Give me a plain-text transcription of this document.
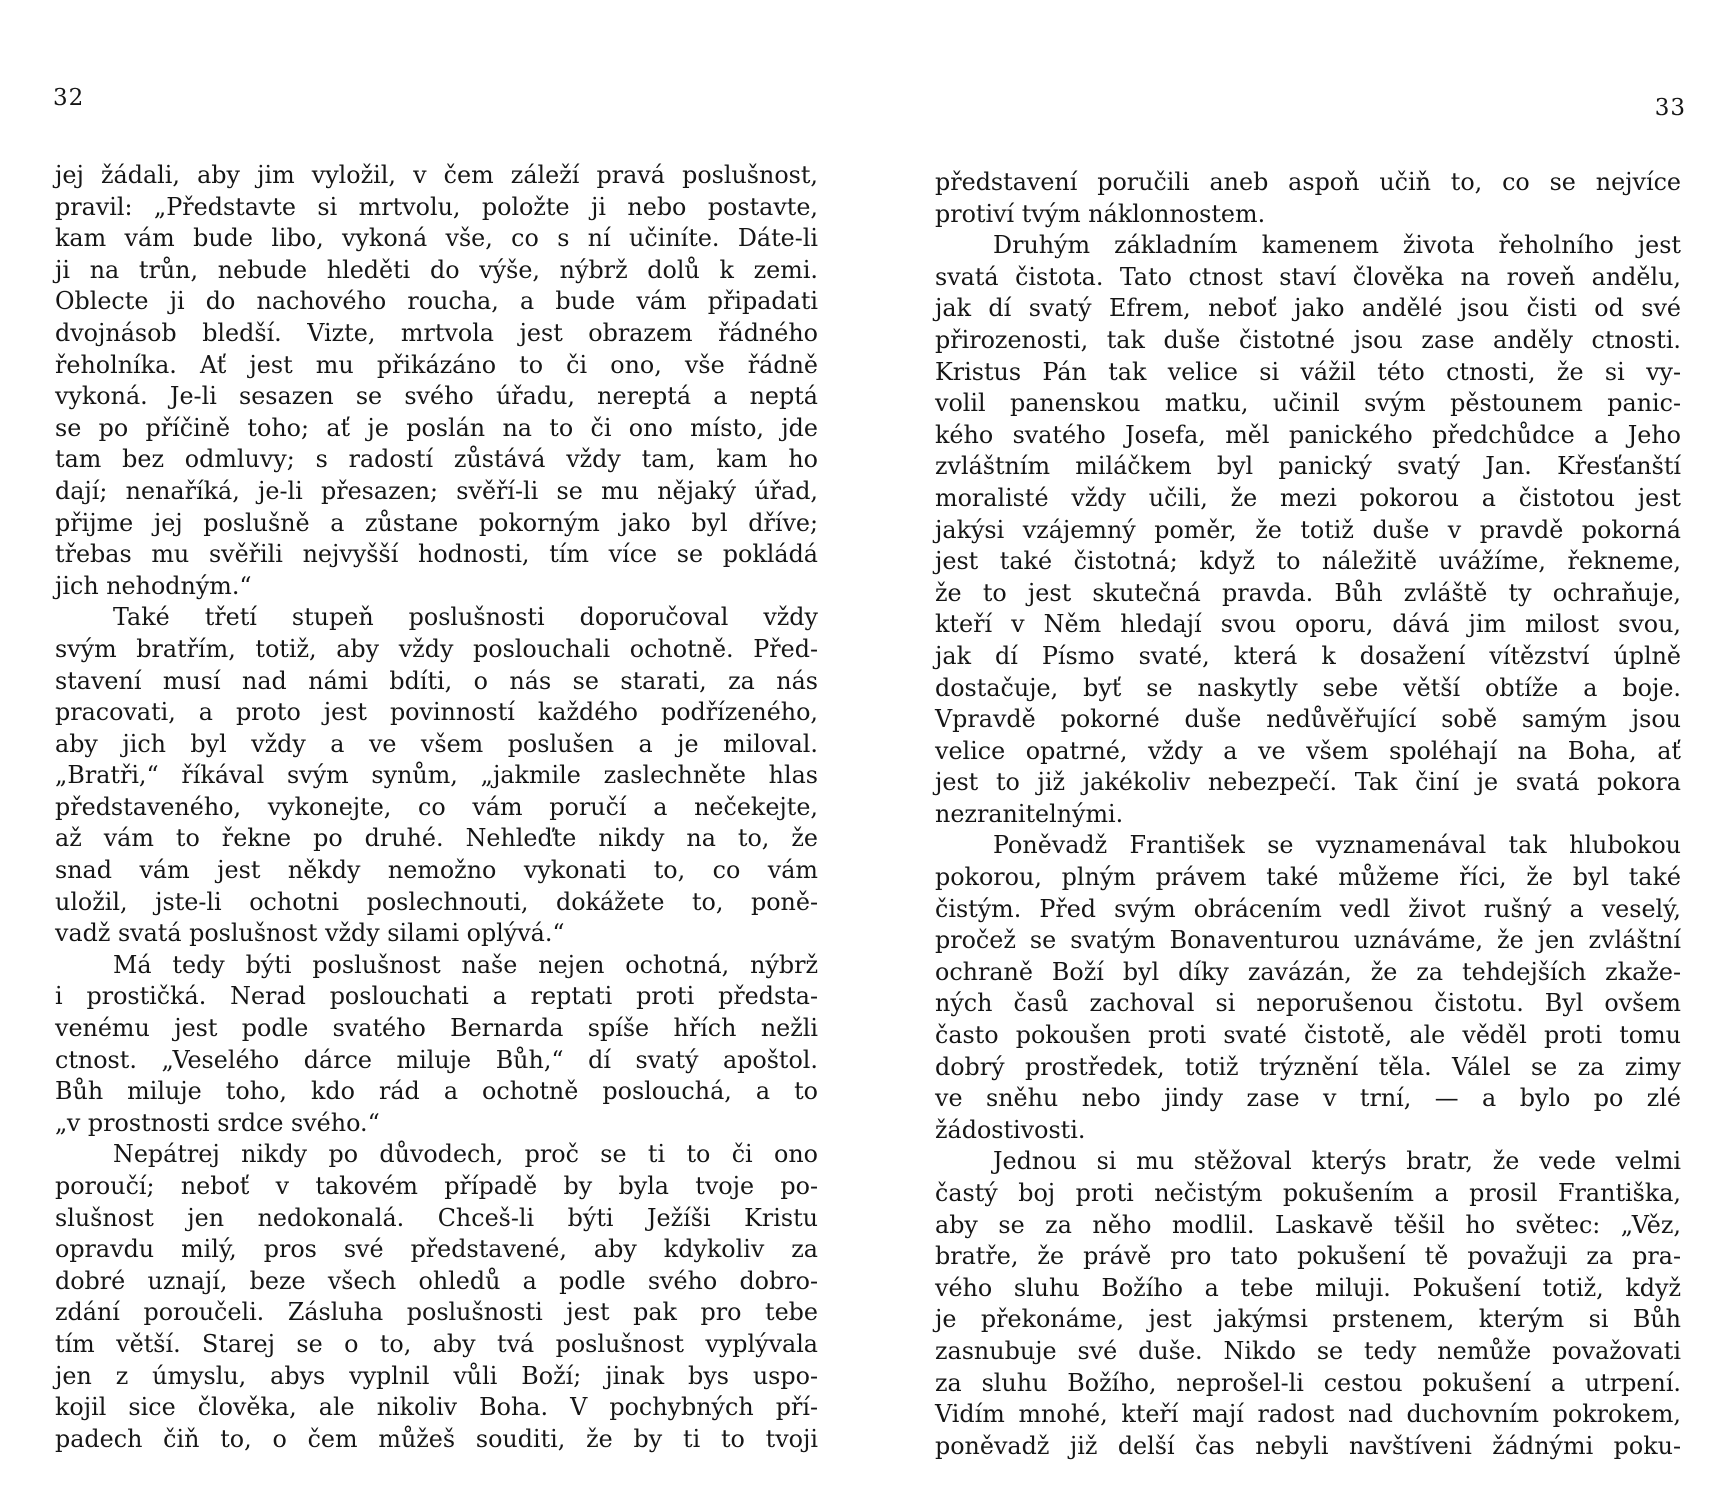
32
jej žádali, aby jim vyložil, v čem záleží pravá poslušnost,
pravil: „Představte si mrtvolu, položte ji nebo postavte,
kam vám bude libo, vykoná vše, co s ní učiníte. Dáte-li
ji na trůn, nebude hleděti do výše, nýbrž dolů k zemi.
Oblecte ji do nachového roucha, a bude vám připadati
dvojnásob bledší. Vizte, mrtvola jest obrazem řádného
řeholníka. Ať jest mu přikázáno to či ono, vše řádně
vykoná. Je-li sesazen se svého úřadu, nereptá a neptá
se po příčině toho; ať je poslán na to či ono místo, jde
tam bez odmluvy; s radostí zůstává vždy tam, kam ho
dají; nenaříká, je-li přesazen; svěří-li se mu nějaký úřad,
přijme jej poslušně a zůstane pokorným jako byl dříve;
třebas mu svěřili nejvyšší hodnosti, tím více se pokládá
jich nehodným.“
Také třetí stupeň poslušnosti doporučoval vždy
svým bratřím, totiž, aby vždy poslouchali ochotně. Před-
stavení musí nad námi bdíti, o nás se starati, za nás
pracovati, a proto jest povinností každého podřízeného,
aby jich byl vždy a ve všem poslušen a je miloval.
„Bratři,“ říkával svým synům, „jakmile zaslechněte hlas
představeného, vykonejte, co vám poručí a nečekejte,
až vám to řekne po druhé. Nehleďte nikdy na to, že
snad vám jest někdy nemožno vykonati to, co vám
uložil, jste-li ochotni poslechnouti, dokážete to, poně-
vadž svatá poslušnost vždy silami oplývá.“
Má tedy býti poslušnost naše nejen ochotná, nýbrž
i prostičká. Nerad poslouchati a reptati proti předsta-
venému jest podle svatého Bernarda spíše hřích nežli
ctnost. „Veselého dárce miluje Bůh,“ dí svatý apoštol.
Bůh miluje toho, kdo rád a ochotně poslouchá, a to
„v prostnosti srdce svého.“
Nepátrej nikdy po důvodech, proč se ti to či ono
poroučí; neboť v takovém případě by byla tvoje po-
slušnost jen nedokonalá. Chceš-li býti Ježíši Kristu
opravdu milý, pros své představené, aby kdykoliv za
dobré uznají, beze všech ohledů a podle svého dobro-
zdání poroučeli. Zásluha poslušnosti jest pak pro tebe
tím větší. Starej se o to, aby tvá poslušnost vyplývala
jen z úmyslu, abys vyplnil vůli Boží; jinak bys uspo-
kojil sice člověka, ale nikoliv Boha. V pochybných pří-
padech čiň to, o čem můžeš souditi, že by ti to tvoji
33
představení poručili aneb aspoň učiň to, co se nejvíce
protiví tvým náklonnostem.
Druhým základním kamenem života řeholního jest
svatá čistota. Tato ctnost staví člověka na roveň andělu,
jak dí svatý Efrem, neboť jako andělé jsou čisti od své
přirozenosti, tak duše čistotné jsou zase anděly ctnosti.
Kristus Pán tak velice si vážil této ctnosti, že si vy-
volil panenskou matku, učinil svým pěstounem panic-
kého svatého Josefa, měl panického předchůdce a Jeho
zvláštním miláčkem byl panický svatý Jan. Křesťanští
moralisté vždy učili, že mezi pokorou a čistotou jest
jakýsi vzájemný poměr, že totiž duše v pravdě pokorná
jest také čistotná; když to náležitě uvážíme, řekneme,
že to jest skutečná pravda. Bůh zvláště ty ochraňuje,
kteří v Něm hledají svou oporu, dává jim milost svou,
jak dí Písmo svaté, která k dosažení vítězství úplně
dostačuje, byť se naskytly sebe větší obtíže a boje.
Vpravdě pokorné duše nedůvěřující sobě samým jsou
velice opatrné, vždy a ve všem spoléhají na Boha, ať
jest to již jakékoliv nebezpečí. Tak činí je svatá pokora
nezranitelnými.
Poněvadž František se vyznamenával tak hlubokou
pokorou, plným právem také můžeme říci, že byl také
čistým. Před svým obrácením vedl život rušný a veselý,
pročež se svatým Bonaventurou uznáváme, že jen zvláštní
ochraně Boží byl díky zavázán, že za tehdejších zkaže-
ných časů zachoval si neporušenou čistotu. Byl ovšem
často pokoušen proti svaté čistotě, ale věděl proti tomu
dobrý prostředek, totiž trýznění těla. Válel se za zimy
ve sněhu nebo jindy zase v trní, — a bylo po zlé
žádostivosti.
Jednou si mu stěžoval kterýs bratr, že vede velmi
častý boj proti nečistým pokušením a prosil Františka,
aby se za něho modlil. Laskavě těšil ho světec: „Věz,
bratře, že právě pro tato pokušení tě považuji za pra-
vého sluhu Božího a tebe miluji. Pokušení totiž, když
je překonáme, jest jakýmsi prstenem, kterým si Bůh
zasnubuje své duše. Nikdo se tedy nemůže považovati
za sluhu Božího, neprošel-li cestou pokušení a utrpení.
Vidím mnohé, kteří mají radost nad duchovním pokrokem,
poněvadž již delší čas nebyli navštíveni žádnými poku-
